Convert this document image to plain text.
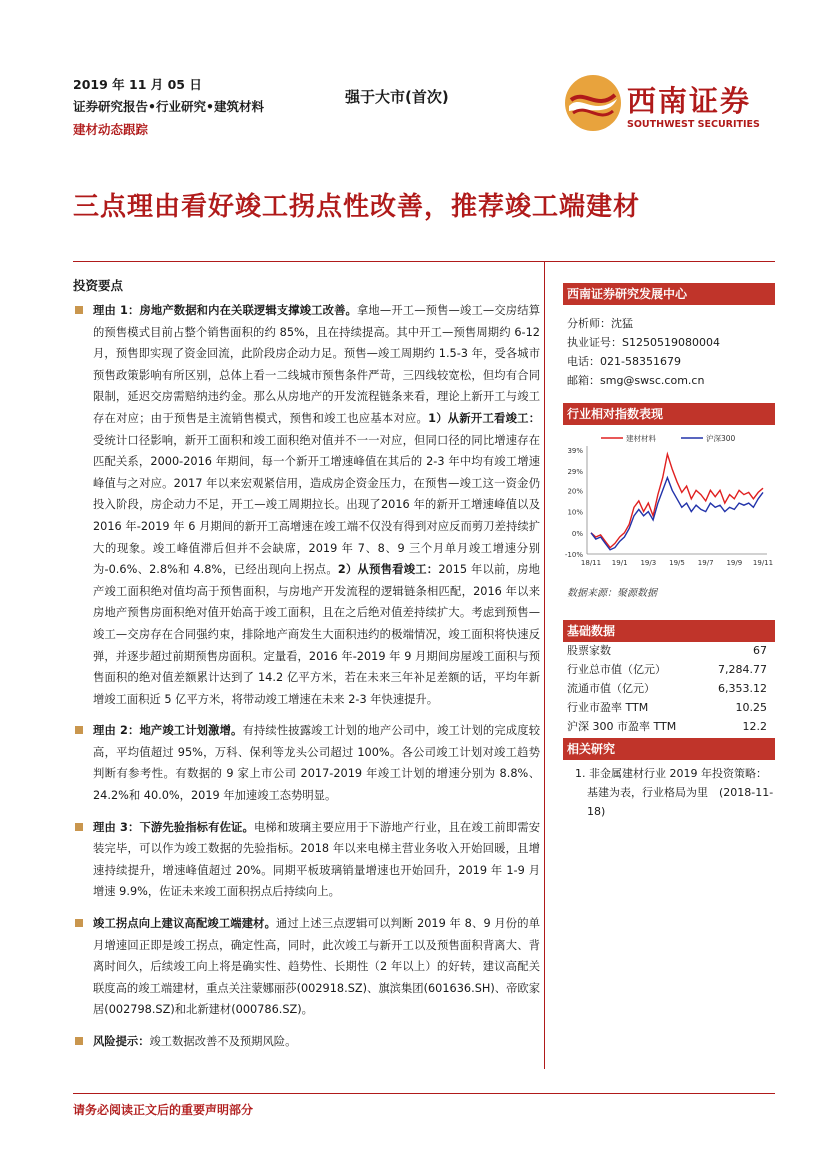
2019 年 11 月 05 日
证券研究报告•行业研究•建筑材料
建材动态跟踪
强于大市(首次)	西南证券
SOUTHWEST SECURITIES
三点理由看好竣工拐点性改善，推荐竣工端建材
投资要点
理由 1：房地产数据和内在关联逻辑支撑竣工改善。拿地—开工—预售—竣工—交房结算的预售模式目前占整个销售面积的约 85%，且在持续提高。其中开工—预售周期约 6-12 月，预售即实现了资金回流，此阶段房企动力足。预售—竣工周期约 1.5-3 年，受各城市预售政策影响有所区别，总体上看一二线城市预售条件严苛，三四线较宽松，但均有合同限制，延迟交房需赔纳违约金。那么从房地产的开发流程链条来看，理论上新开工与竣工存在对应；由于预售是主流销售模式，预售和竣工也应基本对应。1）从新开工看竣工：受统计口径影响，新开工面积和竣工面积绝对值并不一一对应，但同口径的同比增速存在匹配关系，2000-2016 年期间，每一个新开工增速峰值在其后的 2-3 年中均有竣工增速峰值与之对应。2017 年以来宏观紧信用，造成房企资金压力，在预售—竣工这一资金仍投入阶段，房企动力不足，开工—竣工周期拉长。出现了2016 年的新开工增速峰值以及 2016 年-2019 年 6 月期间的新开工高增速在竣工端不仅没有得到对应反而剪刀差持续扩大的现象。竣工峰值滞后但并不会缺席，2019 年 7、8、9 三个月单月竣工增速分别为-0.6%、2.8%和 4.8%，已经出现向上拐点。2）从预售看竣工：2015 年以前，房地产竣工面积绝对值均高于预售面积，与房地产开发流程的逻辑链条相匹配，2016 年以来房地产预售房面积绝对值开始高于竣工面积，且在之后绝对值差持续扩大。考虑到预售—竣工—交房存在合同强约束，排除地产商发生大面积违约的极端情况，竣工面积将快速反弹，并逐步超过前期预售房面积。定量看，2016 年-2019 年 9 月期间房屋竣工面积与预售面积的绝对值差额累计达到了 14.2 亿平方米，若在未来三年补足差额的话，平均年新增竣工面积近 5 亿平方米，将带动竣工增速在未来 2-3 年快速提升。
理由 2：地产竣工计划激增。有持续性披露竣工计划的地产公司中，竣工计划的完成度较高，平均值超过 95%，万科、保利等龙头公司超过 100%。各公司竣工计划对竣工趋势判断有参考性。有数据的 9 家上市公司 2017-2019 年竣工计划的增速分别为 8.8%、24.2%和 40.0%，2019 年加速竣工态势明显。
理由 3：下游先验指标有佐证。电梯和玻璃主要应用于下游地产行业，且在竣工前即需安装完毕，可以作为竣工数据的先验指标。2018 年以来电梯主营业务收入开始回暖，且增速持续提升，增速峰值超过 20%。同期平板玻璃销量增速也开始回升，2019 年 1-9 月增速 9.9%，佐证未来竣工面积拐点后持续向上。
竣工拐点向上建议高配竣工端建材。通过上述三点逻辑可以判断 2019 年 8、9 月份的单月增速回正即是竣工拐点，确定性高，同时，此次竣工与新开工以及预售面积背离大、背离时间久，后续竣工向上将是确实性、趋势性、长期性（2 年以上）的好转，建议高配关联度高的竣工端建材，重点关注蒙娜丽莎(002918.SZ)、旗滨集团(601636.SH)、帝欧家居(002798.SZ)和北新建材(000786.SZ)。
风险提示：竣工数据改善不及预期风险。
西南证券研究发展中心
分析师：沈猛
执业证号：S1250519080004
电话：021-58351679
邮箱：smg@swsc.com.cn
行业相对指数表现
39%
29%
20%
10%
0%
-10%
18/11 19/1 19/3 19/5 19/7 19/9 19/11
建材材料	沪深300
数据来源：聚源数据
基础数据
股票家数	67
行业总市值（亿元）	7,284.77
流通市值（亿元）	6,353.12
行业市盈率 TTM	10.25
沪深 300 市盈率 TTM	12.2
相关研究
1. 非金属建材行业 2019 年投资策略：基建为表，行业格局为里　(2018-11-18)
请务必阅读正文后的重要声明部分
